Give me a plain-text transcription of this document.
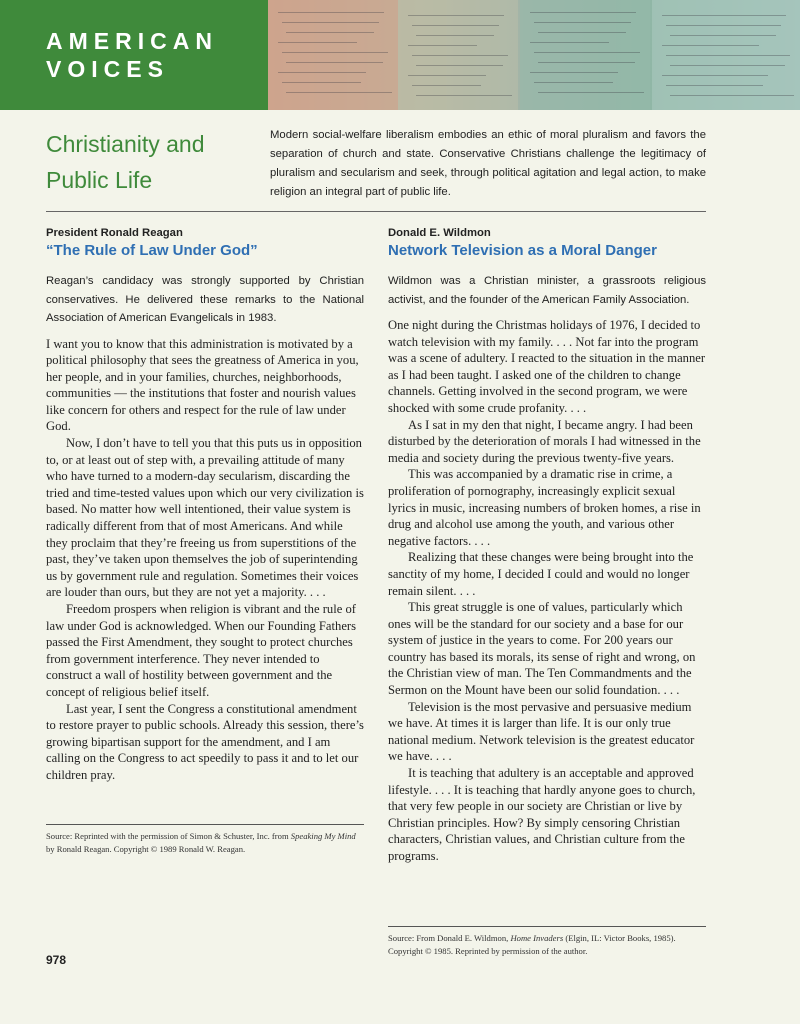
AMERICAN
VOICES
Christianity and
Public Life
Modern social-welfare liberalism embodies an ethic of moral pluralism and favors the separation of church and state. Conservative Christians challenge the legitimacy of pluralism and secularism and seek, through political agitation and legal action, to make religion an integral part of public life.
President Ronald Reagan
“The Rule of Law Under God”
Reagan’s candidacy was strongly supported by Christian conservatives. He delivered these remarks to the National Association of American Evangelicals in 1983.

I want you to know that this administration is motivated by a political philosophy that sees the greatness of America in you, her people, and in your families, churches, neighborhoods, communities — the institutions that foster and nourish values like concern for others and respect for the rule of law under God.

Now, I don’t have to tell you that this puts us in opposition to, or at least out of step with, a prevailing attitude of many who have turned to a modern-day secularism, discarding the tried and time-tested values upon which our very civilization is based. No matter how well intentioned, their value system is radically different from that of most Americans. And while they proclaim that they’re freeing us from superstitions of the past, they’ve taken upon themselves the job of superintending us by government rule and regulation. Sometimes their voices are louder than ours, but they are not yet a majority. . . .

Freedom prospers when religion is vibrant and the rule of law under God is acknowledged. When our Founding Fathers passed the First Amendment, they sought to protect churches from government interference. They never intended to construct a wall of hostility between government and the concept of religious belief itself.

Last year, I sent the Congress a constitutional amendment to restore prayer to public schools. Already this session, there’s growing bipartisan support for the amendment, and I am calling on the Congress to act speedily to pass it and to let our children pray.

Source: Reprinted with the permission of Simon & Schuster, Inc. from Speaking My Mind by Ronald Reagan. Copyright © 1989 Ronald W. Reagan.
Donald E. Wildmon
Network Television as a Moral Danger
Wildmon was a Christian minister, a grassroots religious activist, and the founder of the American Family Association.

One night during the Christmas holidays of 1976, I decided to watch television with my family. . . . Not far into the program was a scene of adultery. I reacted to the situation in the manner as I had been taught. I asked one of the children to change channels. Getting involved in the second program, we were shocked with some crude profanity. . . .

As I sat in my den that night, I became angry. I had been disturbed by the deterioration of morals I had witnessed in the media and society during the previous twenty-five years.

This was accompanied by a dramatic rise in crime, a proliferation of pornography, increasingly explicit sexual lyrics in music, increasing numbers of broken homes, a rise in drug and alcohol use among the youth, and various other negative factors. . . .

Realizing that these changes were being brought into the sanctity of my home, I decided I could and would no longer remain silent. . . .

This great struggle is one of values, particularly which ones will be the standard for our society and a base for our system of justice in the years to come. For 200 years our country has based its morals, its sense of right and wrong, on the Christian view of man. The Ten Commandments and the Sermon on the Mount have been our solid foundation. . . .

Television is the most pervasive and persuasive medium we have. At times it is larger than life. It is our only true national medium. Network television is the greatest educator we have. . . .

It is teaching that adultery is an acceptable and approved lifestyle. . . . It is teaching that hardly anyone goes to church, that very few people in our society are Christian or live by Christian principles. How? By simply censoring Christian characters, Christian values, and Christian culture from the programs.

Source: From Donald E. Wildmon, Home Invaders (Elgin, IL: Victor Books, 1985). Copyright © 1985. Reprinted by permission of the author.
978
